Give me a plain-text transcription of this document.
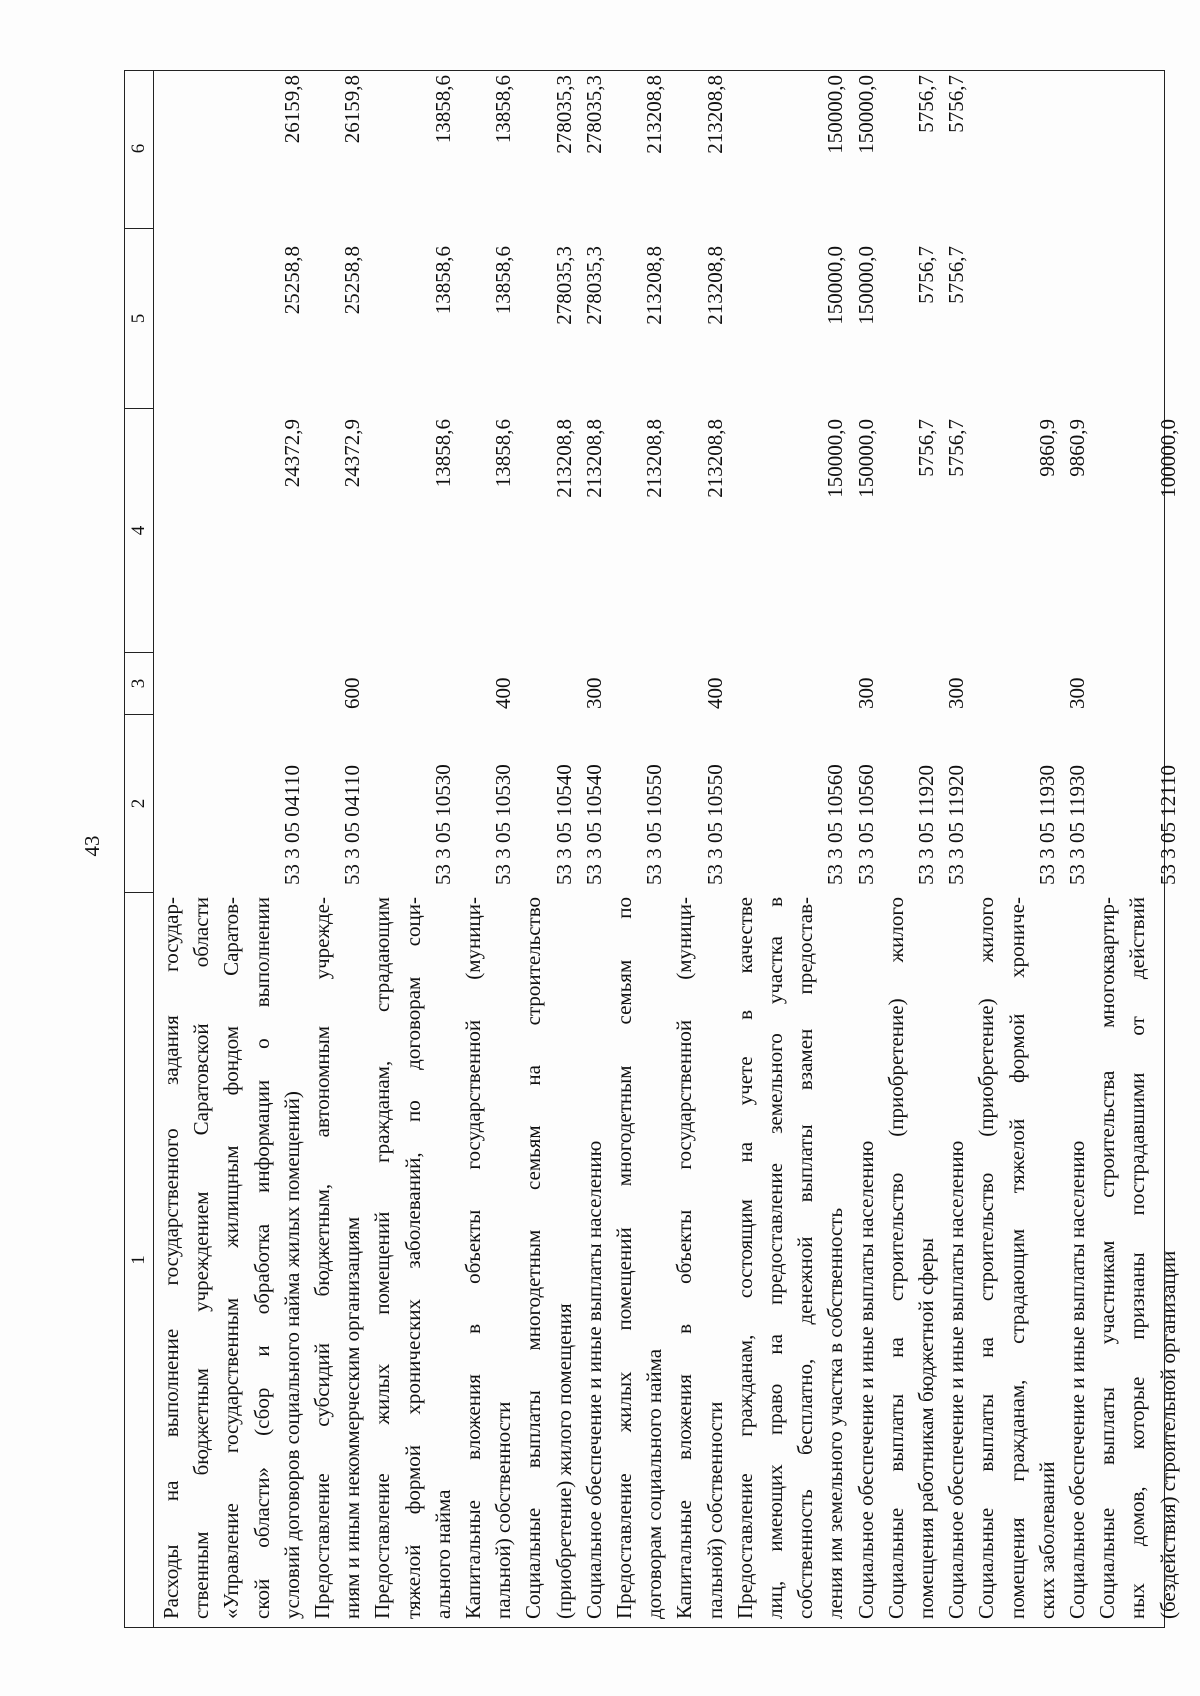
43
1
2
3
4
5
6
Расходы на выполнение государственного задания государ- ственным бюджетным учреждением Саратовской области «Управление государственным жилищным фондом Саратов- ской области» (сбор и обработка информации о выполнении условий договоров социального найма жилых помещений)
53 3 05 04110
24372,9
25258,8
26159,8
Предоставление субсидий бюджетным, автономным учрежде- ниям и иным некоммерческим организациям
53 3 05 04110
600
24372,9
25258,8
26159,8
Предоставление жилых помещений гражданам, страдающим тяжелой формой хронических заболеваний, по договорам соци- ального найма
53 3 05 10530
13858,6
13858,6
13858,6
Капитальные вложения в объекты государственной (муници- пальной) собственности
53 3 05 10530
400
13858,6
13858,6
13858,6
Социальные выплаты многодетным семьям на строительство (приобретение) жилого помещения
53 3 05 10540
213208,8
278035,3
278035,3
Социальное обеспечение и иные выплаты населению
53 3 05 10540
300
213208,8
278035,3
278035,3
Предоставление жилых помещений многодетным семьям по договорам социального найма
53 3 05 10550
213208,8
213208,8
213208,8
Капитальные вложения в объекты государственной (муници- пальной) собственности
53 3 05 10550
400
213208,8
213208,8
213208,8
Предоставление гражданам, состоящим на учете в качестве лиц, имеющих право на предоставление земельного участка в собственность бесплатно, денежной выплаты взамен предостав- ления им земельного участка в собственность
53 3 05 10560
150000,0
150000,0
150000,0
Социальное обеспечение и иные выплаты населению
53 3 05 10560
300
150000,0
150000,0
150000,0
Социальные выплаты на строительство (приобретение) жилого помещения работникам бюджетной сферы
53 3 05 11920
5756,7
5756,7
5756,7
Социальное обеспечение и иные выплаты населению
53 3 05 11920
300
5756,7
5756,7
5756,7
Социальные выплаты на строительство (приобретение) жилого помещения гражданам, страдающим тяжелой формой хрониче- ских заболеваний
53 3 05 11930
9860,9
Социальное обеспечение и иные выплаты населению
53 3 05 11930
300
9860,9
Социальные выплаты участникам строительства многоквартир- ных домов, которые признаны пострадавшими от действий (бездействия) строительной организации
53 3 05 12110
100000,0
